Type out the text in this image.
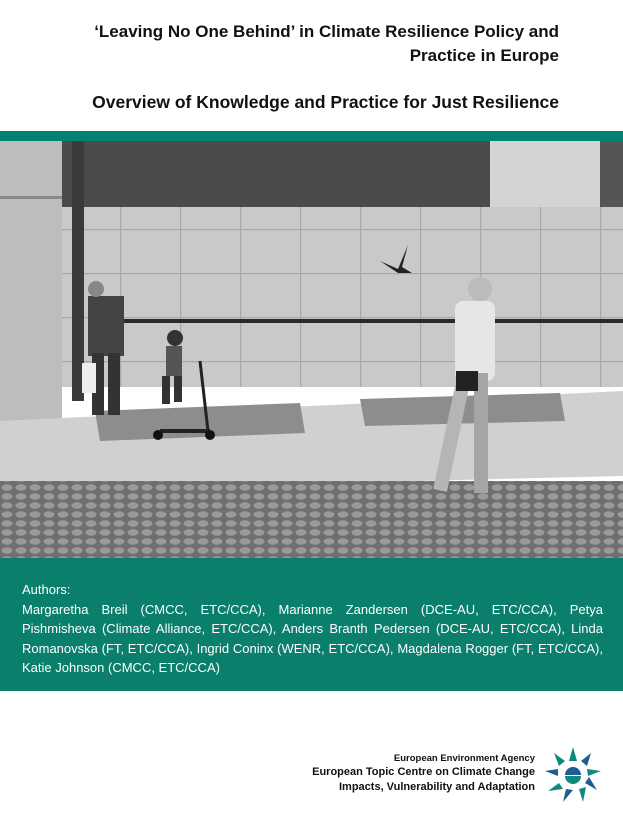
‘Leaving No One Behind’ in Climate Resilience Policy and Practice in Europe

Overview of Knowledge and Practice for Just Resilience

Authors:

Margaretha Breil (CMCC, ETC/CCA), Marianne Zandersen (DCE-AU, ETC/CCA), Petya Pishmisheva (Climate Alliance, ETC/CCA), Anders Branth Pedersen (DCE-AU, ETC/CCA), Linda Romanovska (FT, ETC/CCA), Ingrid Coninx (WENR, ETC/CCA), Magdalena Rogger (FT, ETC/CCA), Katie Johnson (CMCC, ETC/CCA)

European Environment Agency
European Topic Centre on Climate Change
Impacts, Vulnerability and Adaptation
